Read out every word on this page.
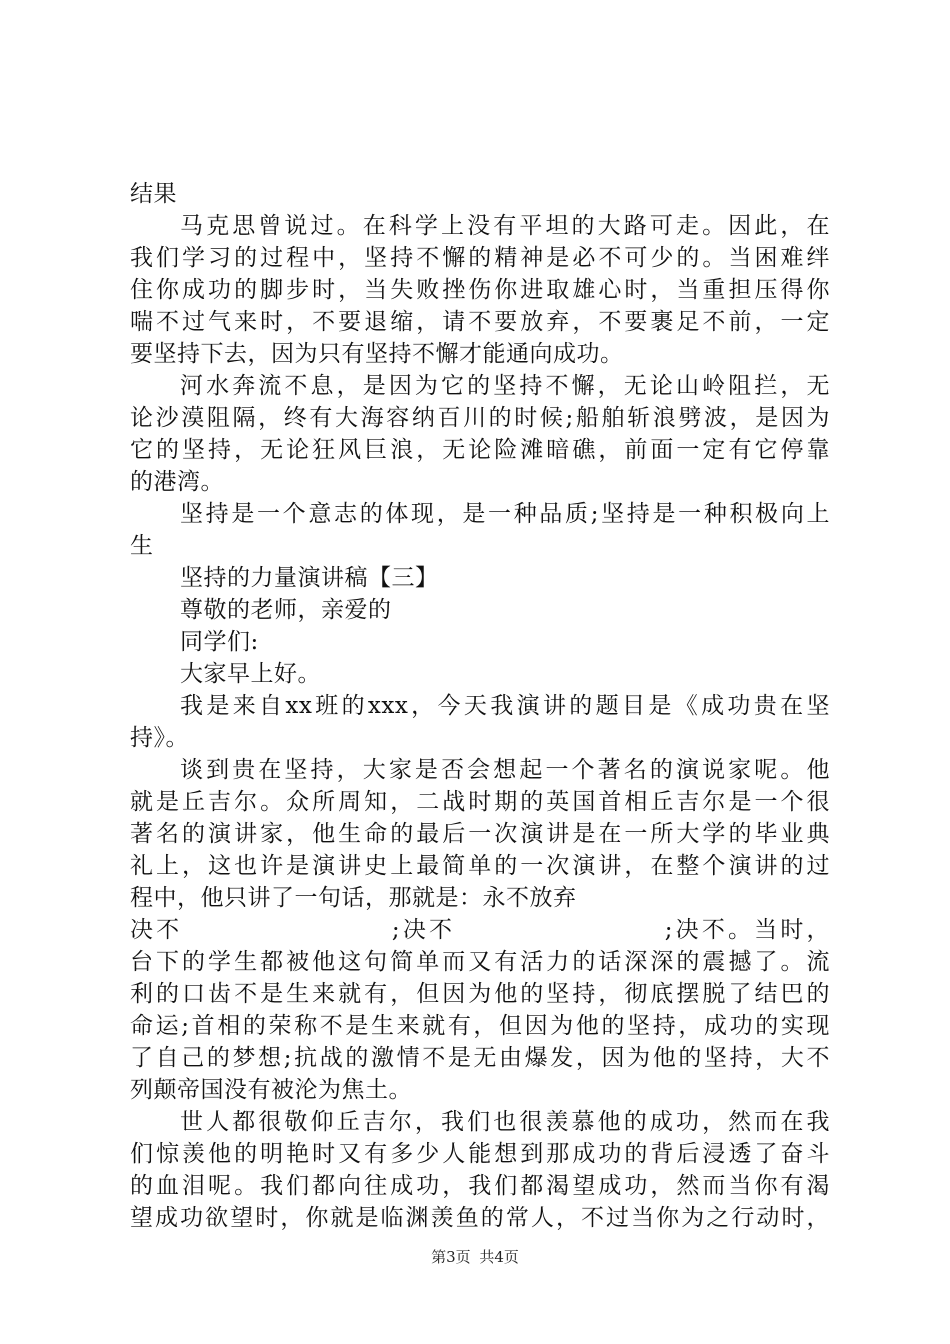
结果
马克思曾说过。在科学上没有平坦的大路可走。因此，在
我们学习的过程中，坚持不懈的精神是必不可少的。当困难绊
住你成功的脚步时，当失败挫伤你进取雄心时，当重担压得你
喘不过气来时，不要退缩，请不要放弃，不要裹足不前，一定
要坚持下去，因为只有坚持不懈才能通向成功。
河水奔流不息，是因为它的坚持不懈，无论山岭阻拦，无
论沙漠阻隔，终有大海容纳百川的时候;船舶斩浪劈波，是因为
它的坚持，无论狂风巨浪，无论险滩暗礁，前面一定有它停靠
的港湾。
坚持是一个意志的体现，是一种品质;坚持是一种积极向上
生
坚持的力量演讲稿【三】
尊敬的老师，亲爱的
同学们:
大家早上好。
我是来自xx班的xxx，今天我演讲的题目是《成功贵在坚
持》。
谈到贵在坚持，大家是否会想起一个著名的演说家呢。他
就是丘吉尔。众所周知，二战时期的英国首相丘吉尔是一个很
著名的演讲家，他生命的最后一次演讲是在一所大学的毕业典
礼上，这也许是演讲史上最简单的一次演讲，在整个演讲的过
程中，他只讲了一句话，那就是：永不放弃
决不                    ;决不                    ;决不。当时，
台下的学生都被他这句简单而又有活力的话深深的震撼了。流
利的口齿不是生来就有，但因为他的坚持，彻底摆脱了结巴的
命运;首相的荣称不是生来就有，但因为他的坚持，成功的实现
了自己的梦想;抗战的激情不是无由爆发，因为他的坚持，大不
列颠帝国没有被沦为焦土。
世人都很敬仰丘吉尔，我们也很羡慕他的成功，然而在我
们惊羡他的明艳时又有多少人能想到那成功的背后浸透了奋斗
的血泪呢。我们都向往成功，我们都渴望成功，然而当你有渴
望成功欲望时，你就是临渊羡鱼的常人，不过当你为之行动时，
第3页 共4页
